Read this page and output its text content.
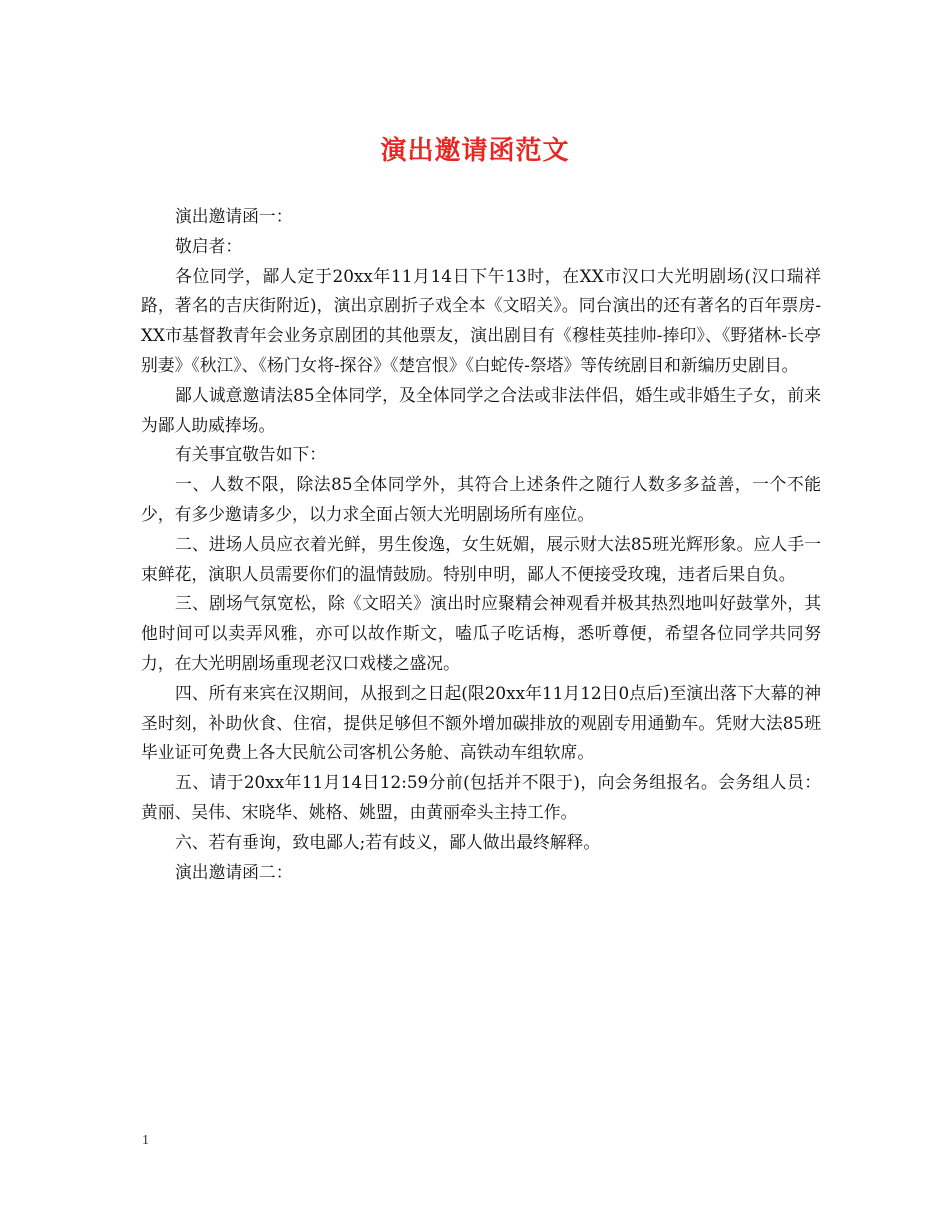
演出邀请函范文

演出邀请函一：

敬启者：

各位同学，鄙人定于20xx年11月14日下午13时，在XX市汉口大光明剧场(汉口瑞祥路，著名的吉庆街附近)，演出京剧折子戏全本《文昭关》。同台演出的还有著名的百年票房-XX市基督教青年会业务京剧团的其他票友，演出剧目有《穆桂英挂帅-捧印》、《野猪林-长亭别妻》《秋江》、《杨门女将-探谷》《楚宫恨》《白蛇传-祭塔》等传统剧目和新编历史剧目。

鄙人诚意邀请法85全体同学，及全体同学之合法或非法伴侣，婚生或非婚生子女，前来为鄙人助威捧场。

有关事宜敬告如下：

一、人数不限，除法85全体同学外，其符合上述条件之随行人数多多益善，一个不能少，有多少邀请多少，以力求全面占领大光明剧场所有座位。

二、进场人员应衣着光鲜，男生俊逸，女生妩媚，展示财大法85班光辉形象。应人手一束鲜花，演职人员需要你们的温情鼓励。特别申明，鄙人不便接受玫瑰，违者后果自负。

三、剧场气氛宽松，除《文昭关》演出时应聚精会神观看并极其热烈地叫好鼓掌外，其他时间可以卖弄风雅，亦可以故作斯文，嗑瓜子吃话梅，悉听尊便，希望各位同学共同努力，在大光明剧场重现老汉口戏楼之盛况。

四、所有来宾在汉期间，从报到之日起(限20xx年11月12日0点后)至演出落下大幕的神圣时刻，补助伙食、住宿，提供足够但不额外增加碳排放的观剧专用通勤车。凭财大法85班毕业证可免费上各大民航公司客机公务舱、高铁动车组软席。

五、请于20xx年11月14日12:59分前(包括并不限于)，向会务组报名。会务组人员：黄丽、吴伟、宋晓华、姚格、姚盟，由黄丽牵头主持工作。

六、若有垂询，致电鄙人;若有歧义，鄙人做出最终解释。

演出邀请函二：

1
